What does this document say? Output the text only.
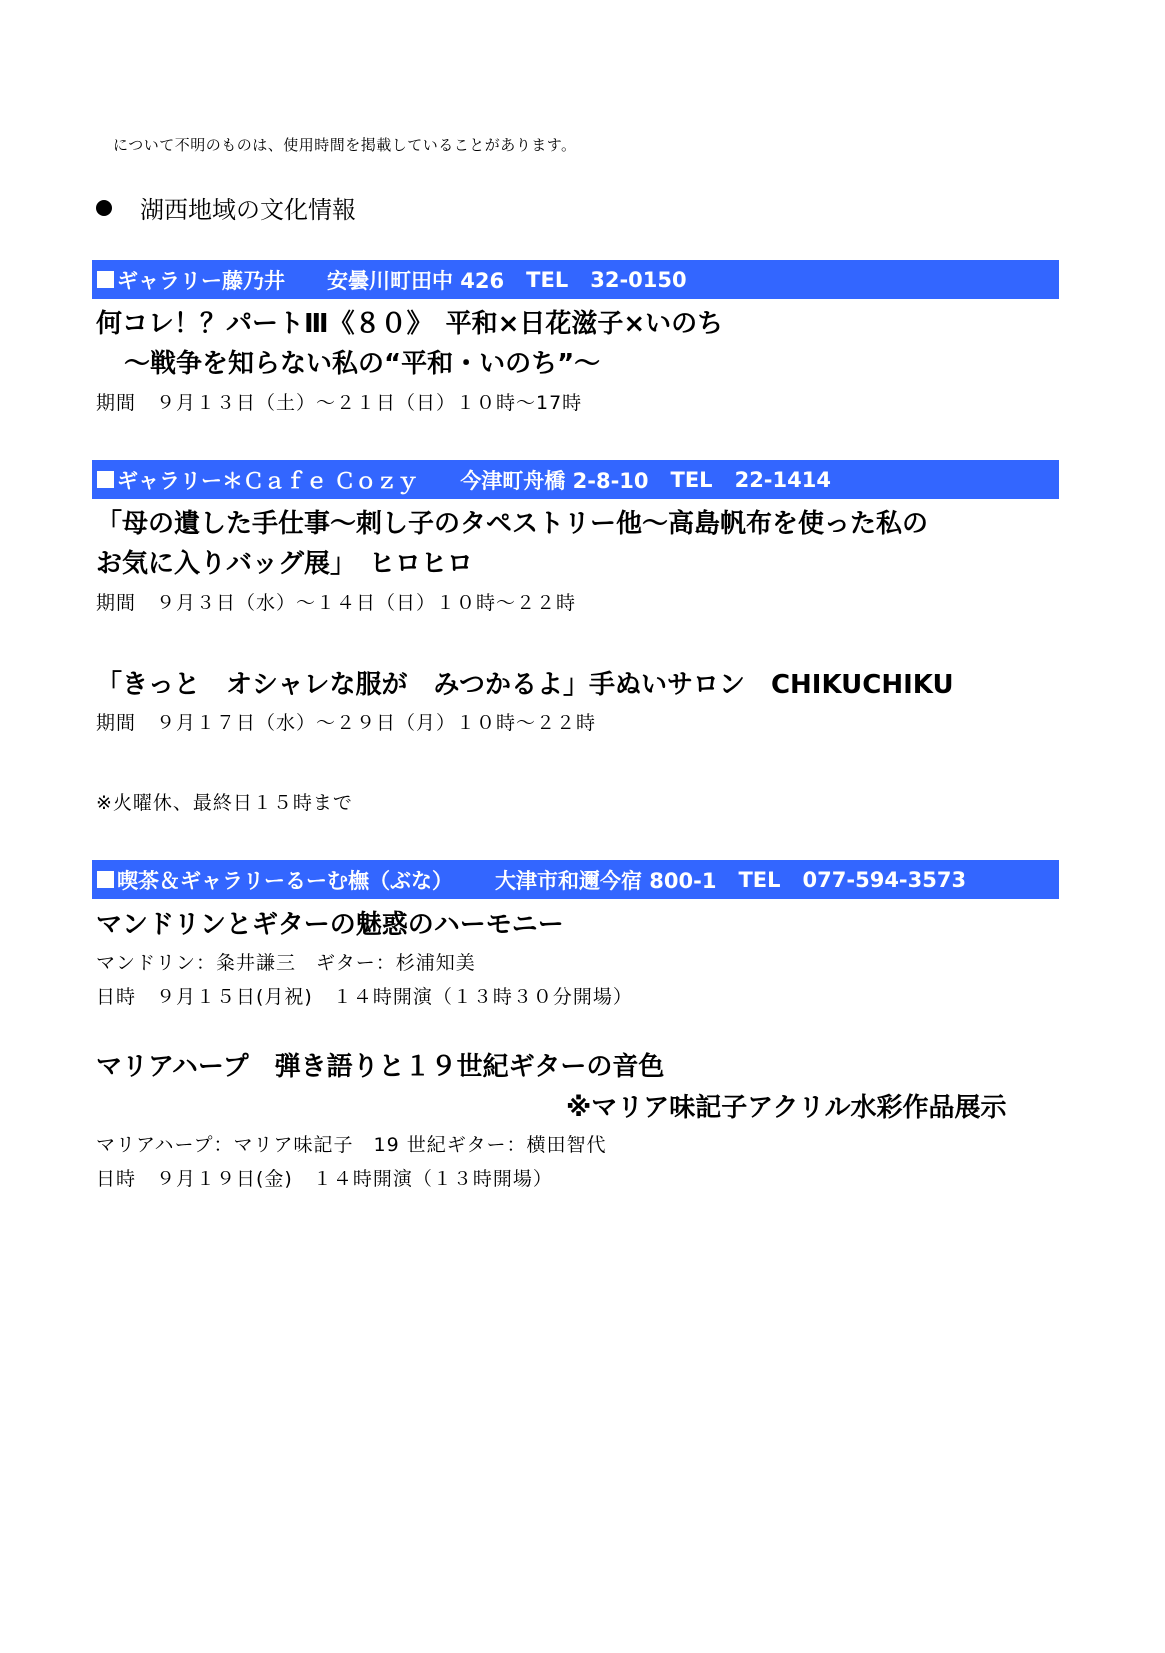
について不明のものは、使用時間を掲載していることがあります。
湖西地域の文化情報
ギャラリー藤乃井 安曇川町田中 426 TEL 32-0150
何コレ！？パートⅢ《８０》　平和×日花滋子×いのち
～戦争を知らない私の“平和・いのち”～
期間　９月１３日（土）～２１日（日）１０時～17時
ギャラリー＊Ｃａｆｅ Ｃｏｚｙ 今津町舟橋 2-8-10 TEL 22-1414
「母の遺した手仕事～刺し子のタペストリー他～高島帆布を使った私の
お気に入りバッグ展」　ヒロヒロ
期間　９月３日（水）～１４日（日）１０時～２２時
「きっと　オシャレな服が　みつかるよ」手ぬいサロン　CHIKUCHIKU
期間　９月１７日（水）～２９日（月）１０時～２２時
※火曜休、最終日１５時まで
喫茶＆ギャラリーるーむ橅（ぶな） 大津市和邇今宿 800-1 TEL 077-594-3573
マンドリンとギターの魅惑のハーモニー
マンドリン：粂井謙三　ギター：杉浦知美
日時　９月１５日(月祝)　１４時開演（１３時３０分開場）
マリアハープ　弾き語りと１９世紀ギターの音色
※マリア味記子アクリル水彩作品展示
マリアハープ：マリア味記子　19 世紀ギター：横田智代
日時　９月１９日(金)　１４時開演（１３時開場）
